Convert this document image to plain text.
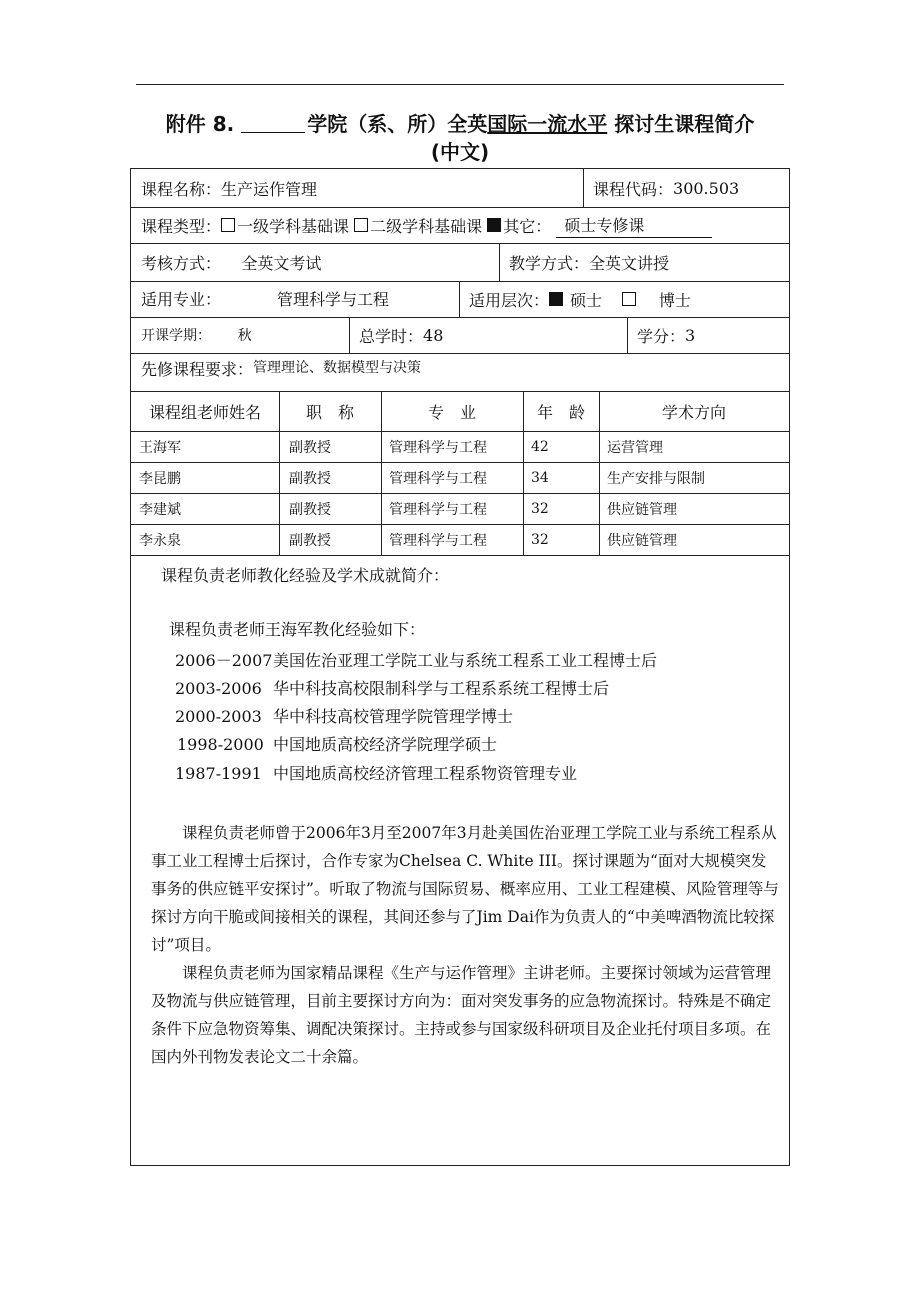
附件 8.	学院（系、所）全英国际一流水平 探讨生课程简介
(中文)
课程名称： 生产运作管理	课程代码： 300.503
课程类型： 一级学科基础课
二级学科基础课
其它：
硕士专修课
考核方式：
全英文考试	教学方式： 全英文讲授
适用专业：
	管理科学与工程	适用层次：
硕士

	博士
开课学期：
秋	总学时： 48	学分： 3
先修课程要求： 管理理论、数据模型与决策
课程组老师姓名	职　称	专　业	年　龄	学术方向
王海军	副教授	管理科学与工程	42	运营管理
李昆鹏	副教授	管理科学与工程	34	生产安排与限制
李建斌	副教授	管理科学与工程	32	供应链管理
李永泉	副教授	管理科学与工程	32	供应链管理
课程负责老师教化经验及学术成就简介：
课程负责老师王海军教化经验如下：
2006－2007美国佐治亚理工学院工业与系统工程系工业工程博士后
2003-2006 华中科技高校限制科学与工程系系统工程博士后
2000-2003 华中科技高校管理学院管理学博士
1998-2000 中国地质高校经济学院理学硕士
1987-1991 中国地质高校经济管理工程系物资管理专业

课程负责老师曾于2006年3月至2007年3月赴美国佐治亚理工学院工业与系统工程系从事工业工程博士后探讨，合作专家为Chelsea C. White III。探讨课题为“面对大规模突发事务的供应链平安探讨”。听取了物流与国际贸易、概率应用、工业工程建模、风险管理等与探讨方向干脆或间接相关的课程，其间还参与了Jim Dai作为负责人的“中美啤酒物流比较探讨”项目。

课程负责老师为国家精品课程《生产与运作管理》主讲老师。主要探讨领域为运营管理及物流与供应链管理，目前主要探讨方向为：面对突发事务的应急物流探讨。特殊是不确定条件下应急物资筹集、调配决策探讨。主持或参与国家级科研项目及企业托付项目多项。在国内外刊物发表论文二十余篇。
